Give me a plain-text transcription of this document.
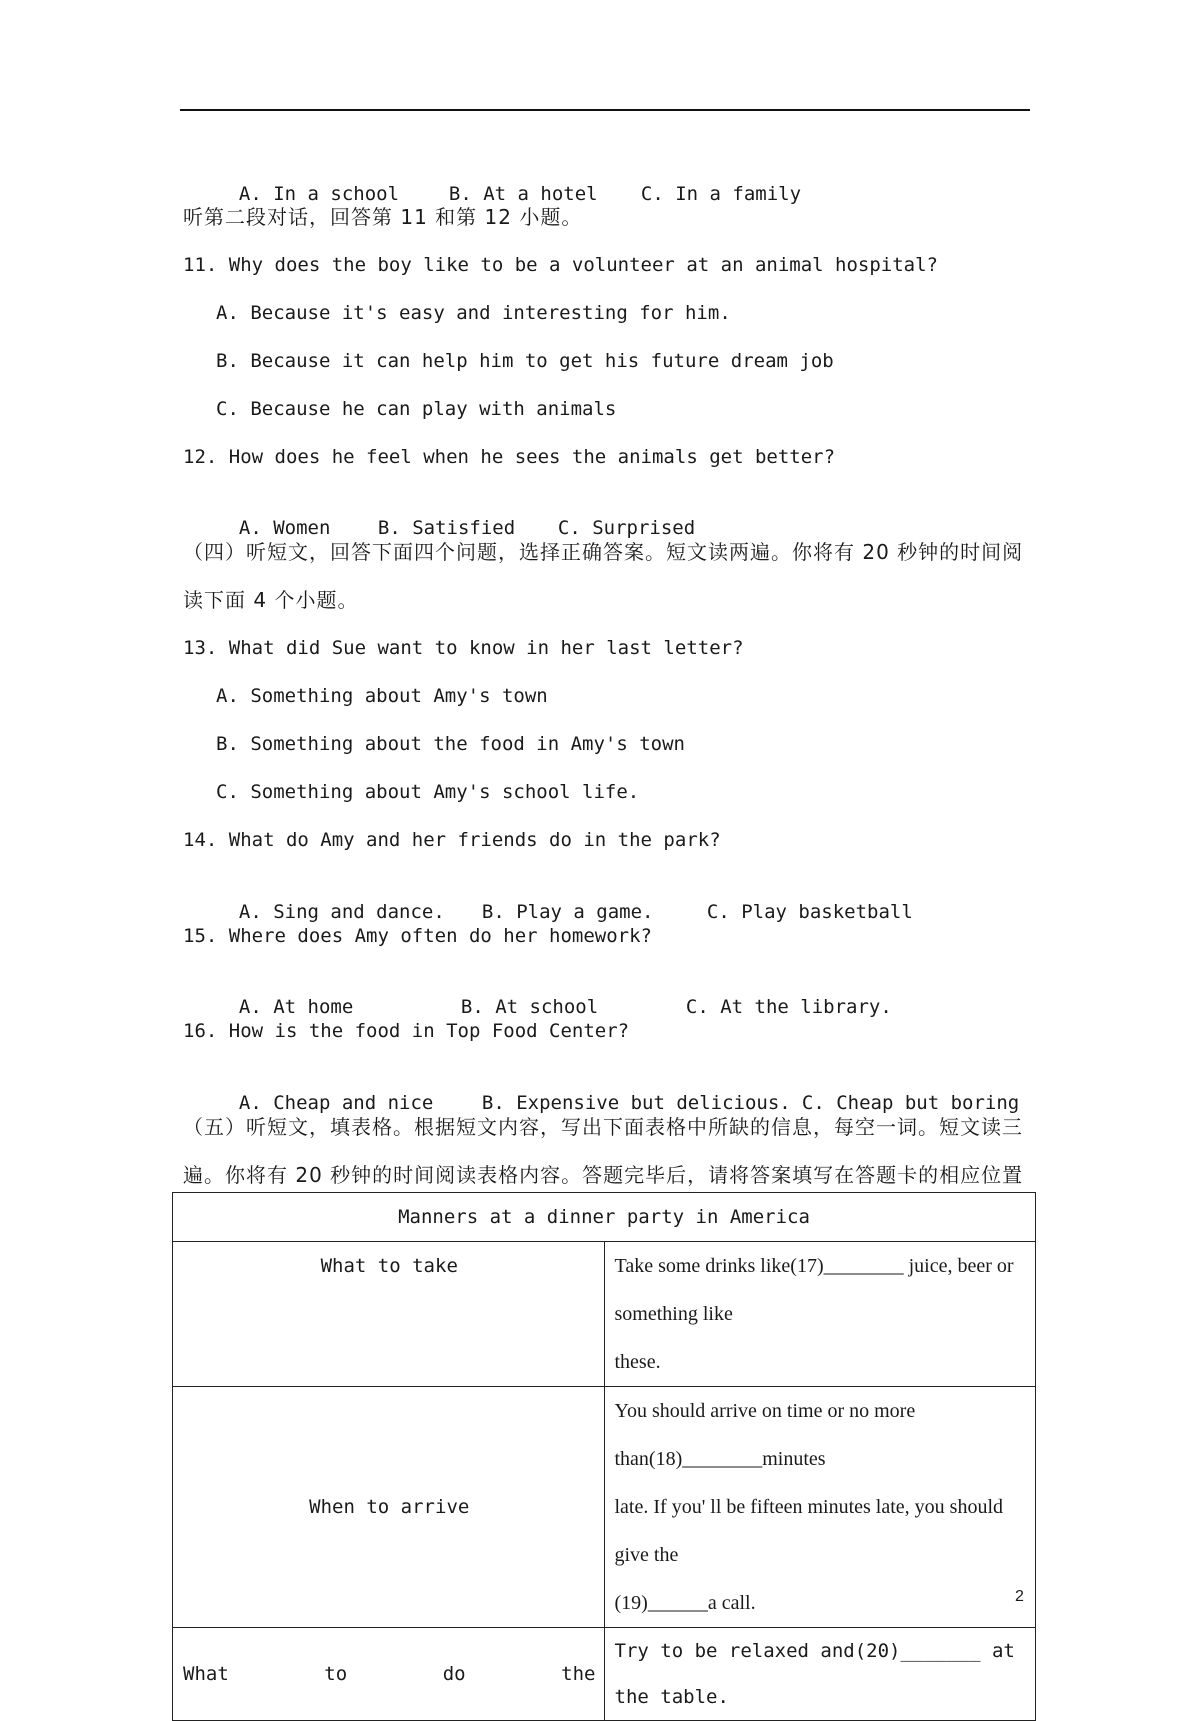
A. In a school	B. At a hotel C. In a family

听第二段对话，回答第 11 和第 12 小题。
11. Why does the boy like to be a volunteer at an animal hospital?
A. Because it's easy and interesting for him.
B. Because it can help him to get his future dream job
C. Because he can play with animals
12. How does he feel when he sees the animals get better?

A. Women B. Satisfied C. Surprised

（四）听短文，回答下面四个问题，选择正确答案。短文读两遍。你将有 20 秒钟的时间阅
读下面 4 个小题。
13. What did Sue want to know in her last letter?
A. Something about Amy's town
B. Something about the food in Amy's town
C. Something about Amy's school life.
14. What do Amy and her friends do in the park?

A. Sing and dance. B. Play a game.	C. Play basketball

15. Where does Amy often do her homework?

A. At home	B. At school	C. At the library.

16. How is the food in Top Food Center?

A. Cheap and nice	B. Expensive but delicious. C. Cheap but boring

（五）听短文，填表格。根据短文内容，写出下面表格中所缺的信息，每空一词。短文读三
遍。你将有 20 秒钟的时间阅读表格内容。答题完毕后，请将答案填写在答题卡的相应位置
Manners at a dinner party in America	

What to take	Take some drinks like(17)________ juice, beer or something like
these.

When to arrive	You should arrive on time or no more than(18)________minutes
late. If you' ll be fifteen minutes late, you should give the
(19)______a call.

What to do the	Try to be relaxed and(20)_______ at the table.
2
